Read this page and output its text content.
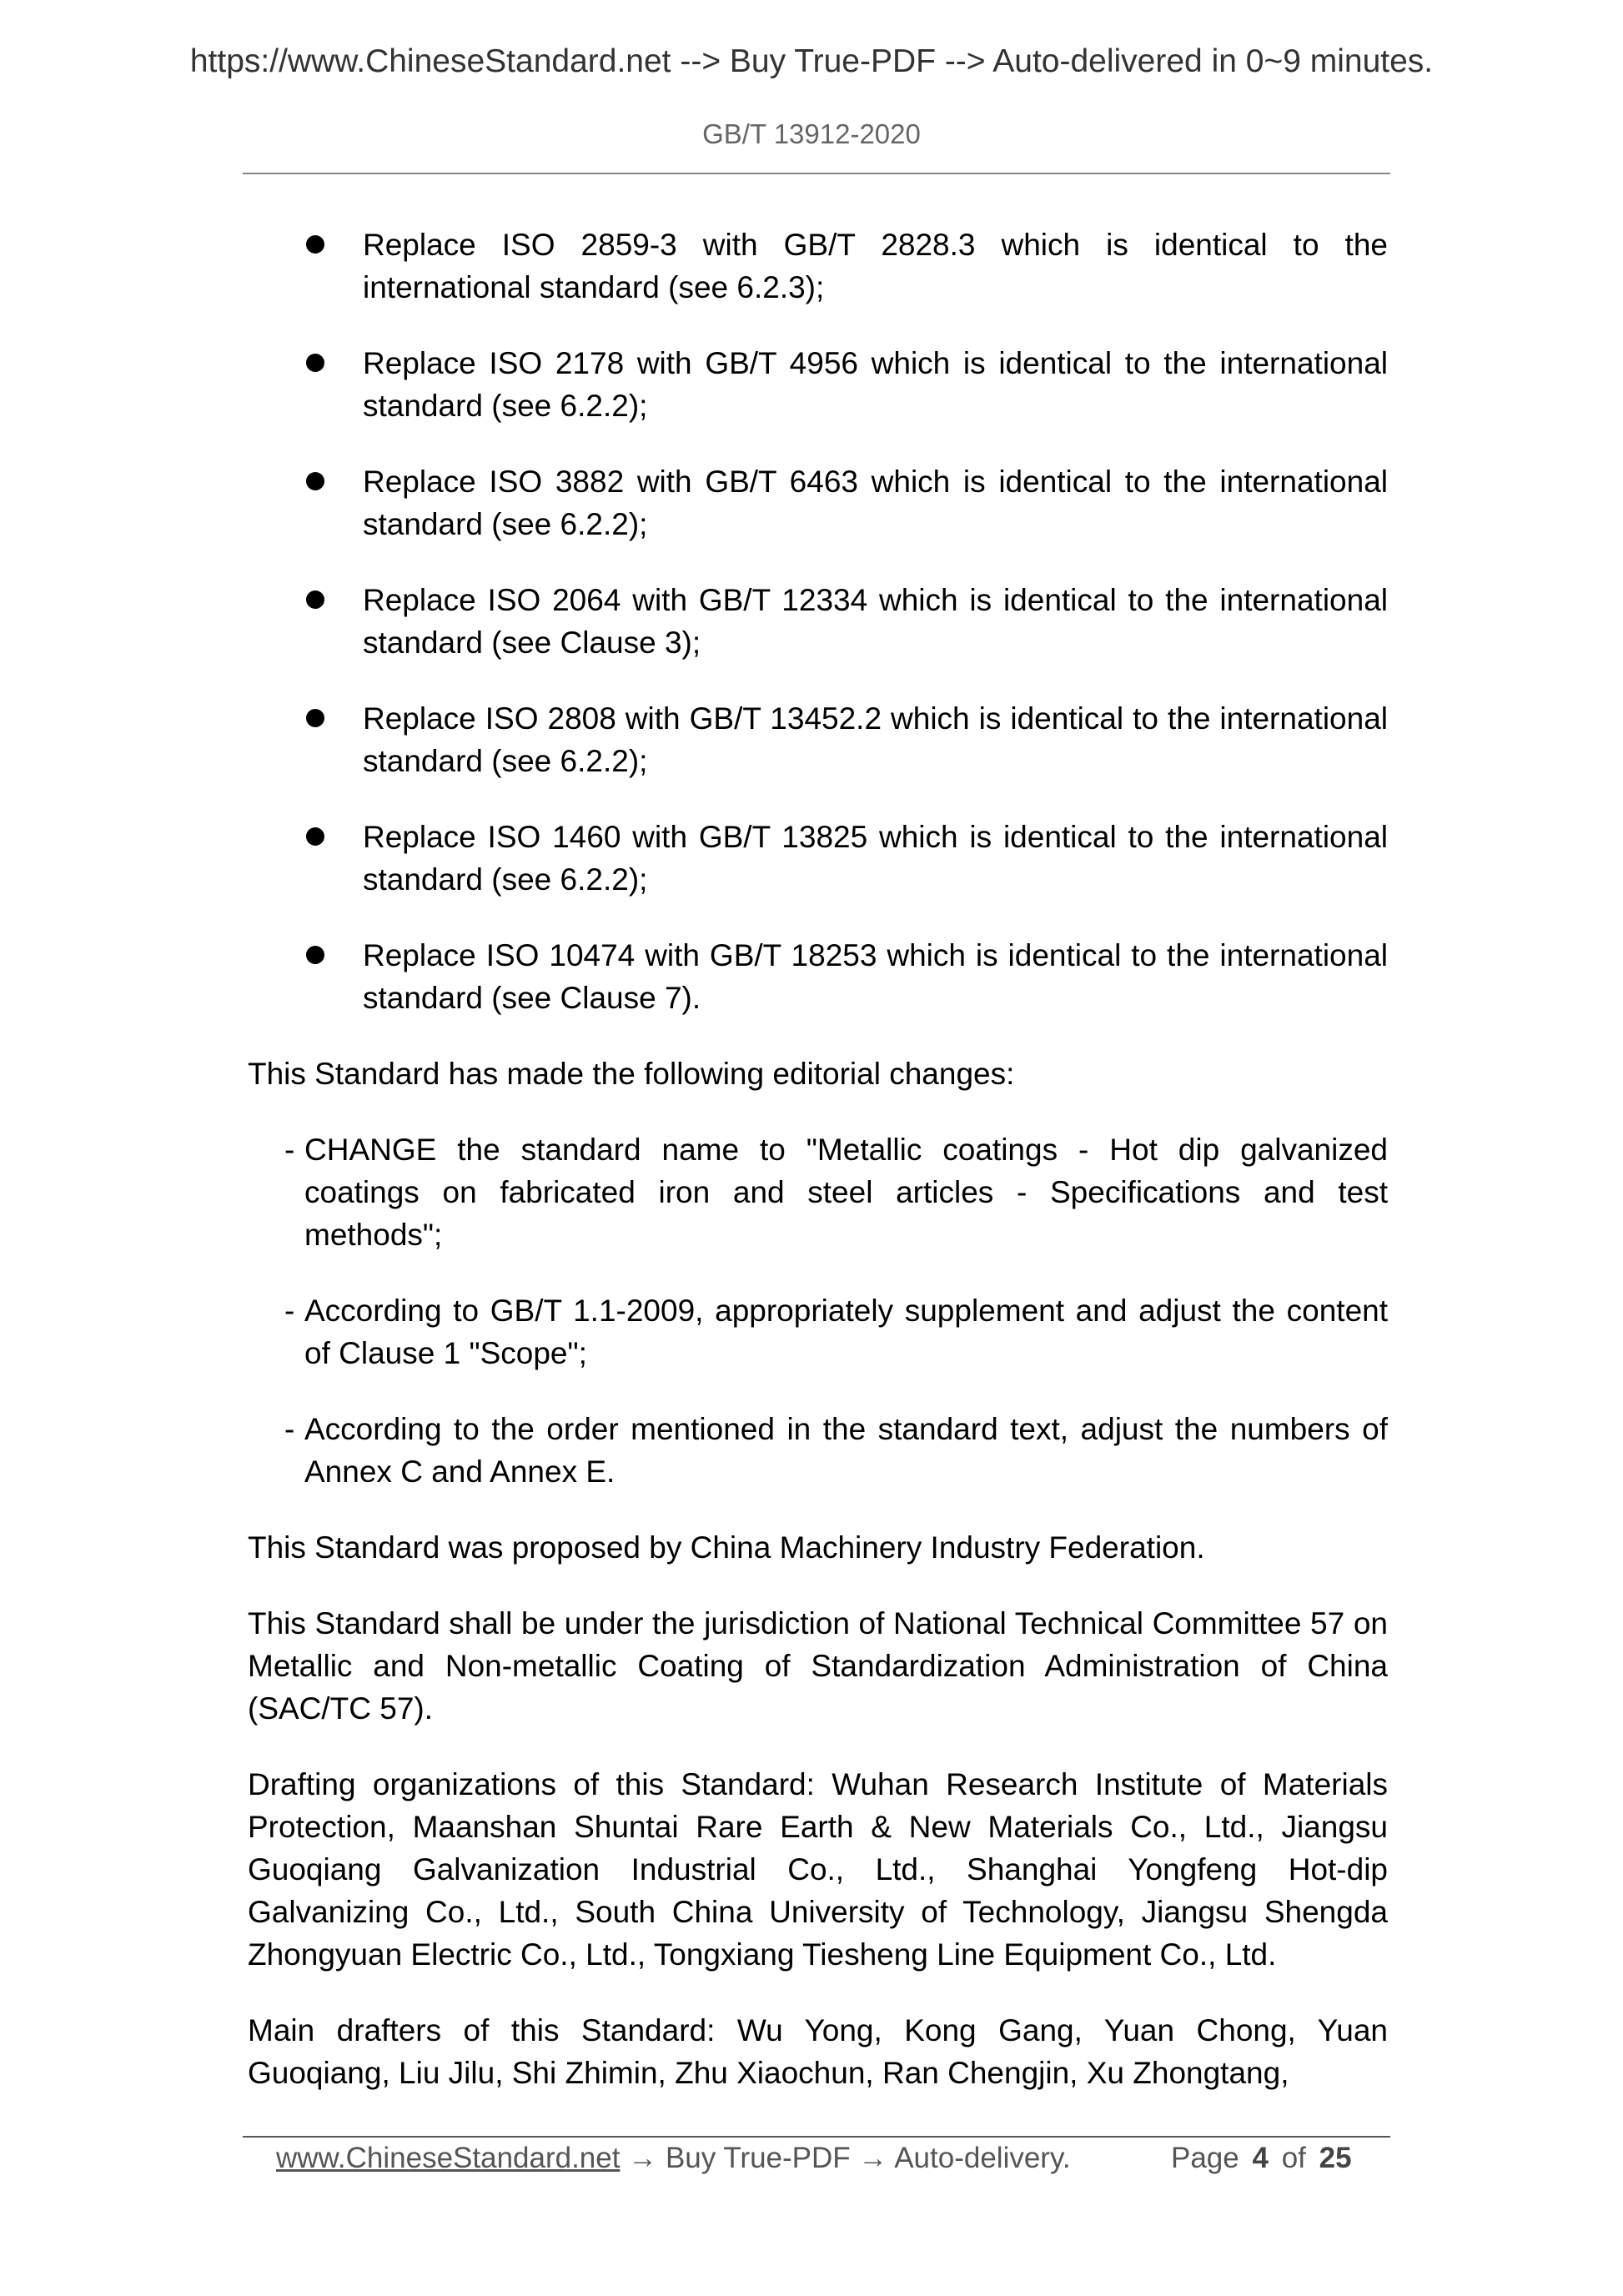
https://www.ChineseStandard.net --> Buy True-PDF --> Auto-delivered in 0~9 minutes.
GB/T 13912-2020
Replace ISO 2859-3 with GB/T 2828.3 which is identical to the international standard (see 6.2.3);
Replace ISO 2178 with GB/T 4956 which is identical to the international standard (see 6.2.2);
Replace ISO 3882 with GB/T 6463 which is identical to the international standard (see 6.2.2);
Replace ISO 2064 with GB/T 12334 which is identical to the international standard (see Clause 3);
Replace ISO 2808 with GB/T 13452.2 which is identical to the international standard (see 6.2.2);
Replace ISO 1460 with GB/T 13825 which is identical to the international standard (see 6.2.2);
Replace ISO 10474 with GB/T 18253 which is identical to the international standard (see Clause 7).

This Standard has made the following editorial changes:

- CHANGE the standard name to "Metallic coatings - Hot dip galvanized coatings on fabricated iron and steel articles - Specifications and test methods";
- According to GB/T 1.1-2009, appropriately supplement and adjust the content of Clause 1 "Scope";
- According to the order mentioned in the standard text, adjust the numbers of Annex C and Annex E.

This Standard was proposed by China Machinery Industry Federation.

This Standard shall be under the jurisdiction of National Technical Committee 57 on Metallic and Non-metallic Coating of Standardization Administration of China (SAC/TC 57).

Drafting organizations of this Standard: Wuhan Research Institute of Materials Protection, Maanshan Shuntai Rare Earth & New Materials Co., Ltd., Jiangsu Guoqiang Galvanization Industrial Co., Ltd., Shanghai Yongfeng Hot-dip Galvanizing Co., Ltd., South China University of Technology, Jiangsu Shengda Zhongyuan Electric Co., Ltd., Tongxiang Tiesheng Line Equipment Co., Ltd.

Main drafters of this Standard: Wu Yong, Kong Gang, Yuan Chong, Yuan Guoqiang, Liu Jilu, Shi Zhimin, Zhu Xiaochun, Ran Chengjin, Xu Zhongtang,

www.ChineseStandard.net → Buy True-PDF → Auto-delivery.	Page 4 of 25
